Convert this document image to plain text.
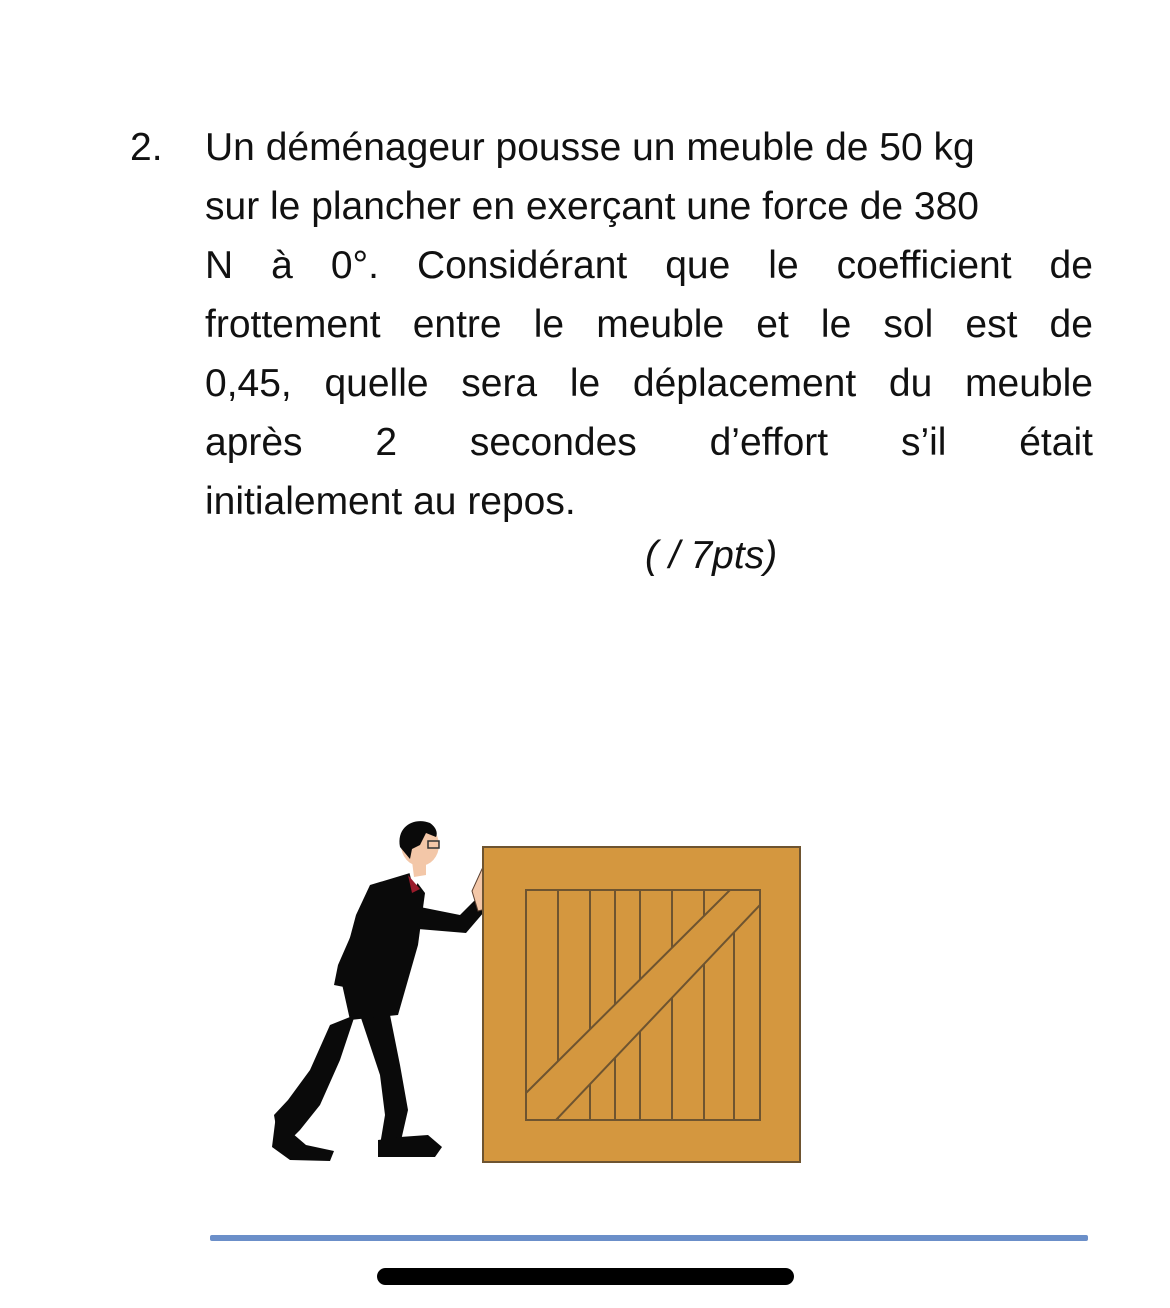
2. Un déménageur pousse un meuble de 50 kg
sur le plancher en exerçant une force de 380
N à 0°. Considérant que le coefficient de
frottement entre le meuble et le sol est de
0,45, quelle sera le déplacement du meuble
après 2 secondes d’effort s’il était
initialement au repos.
( / 7pts)
